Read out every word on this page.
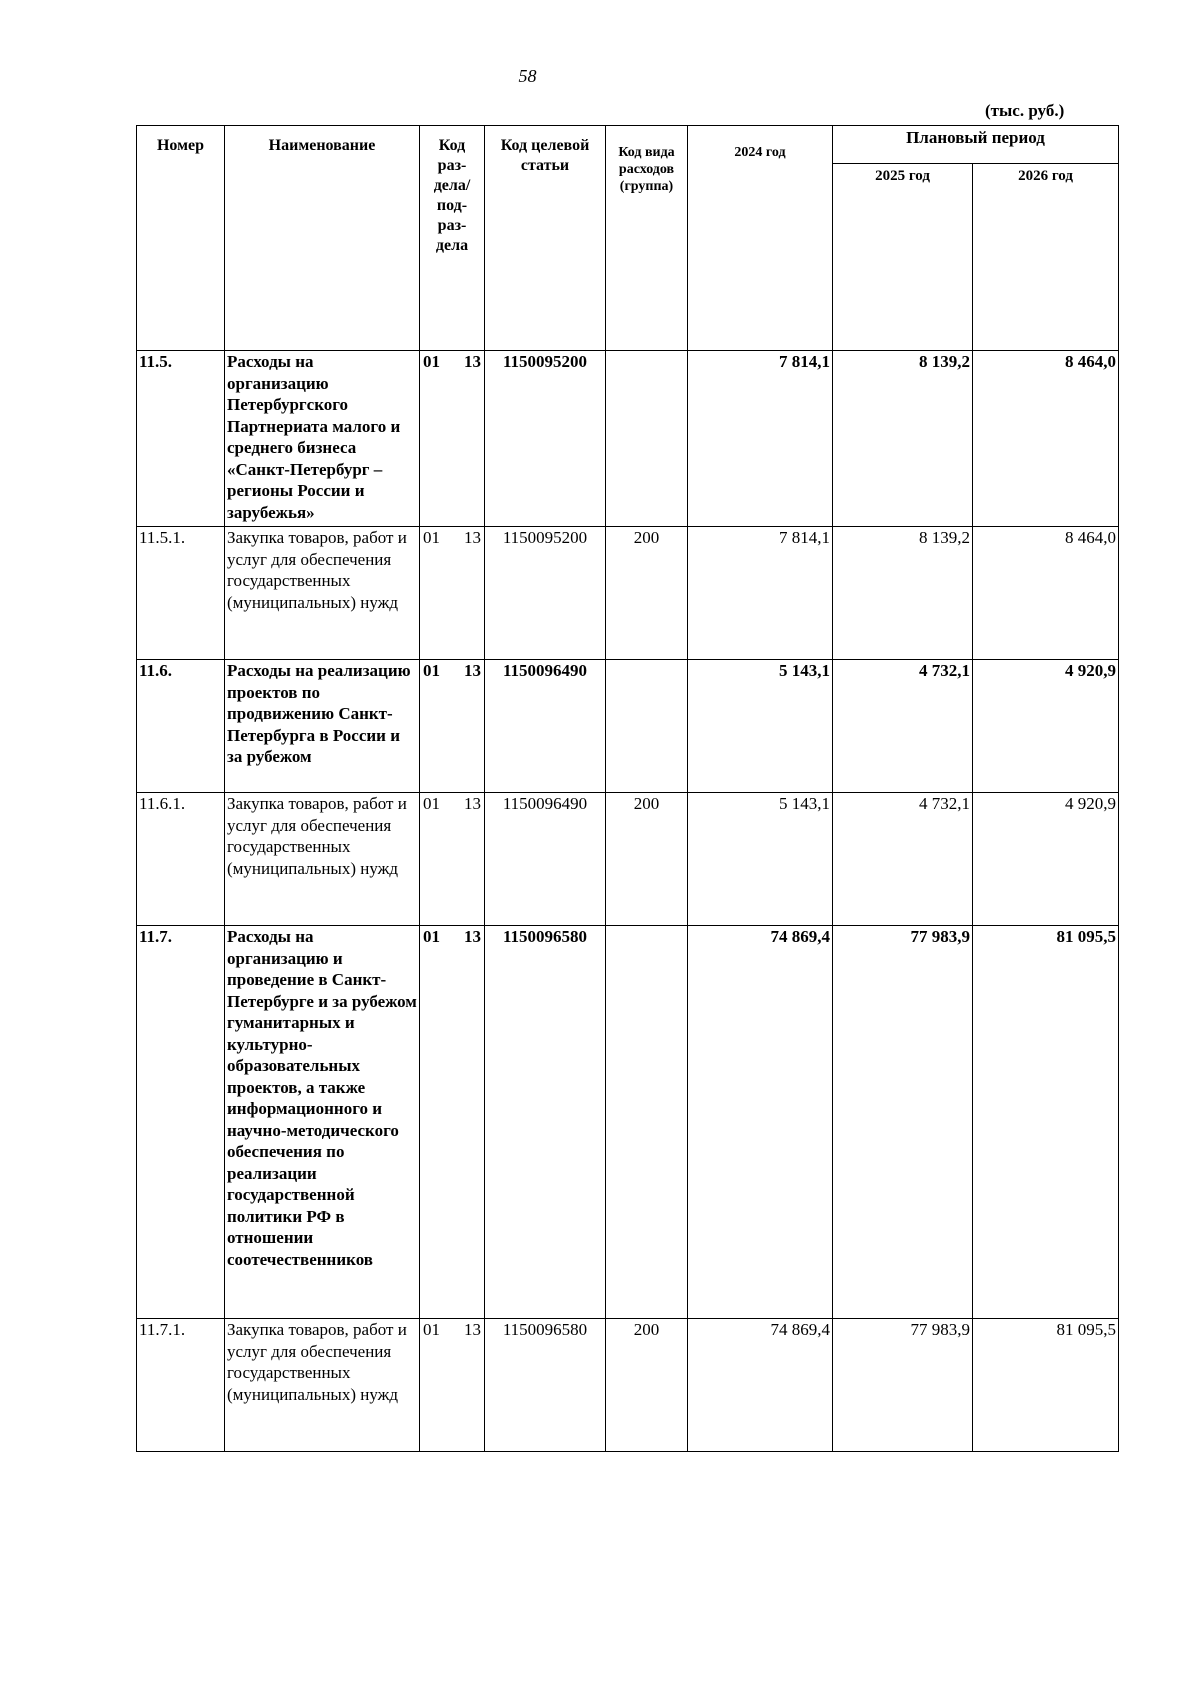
58
(тыс. руб.)
Номер	Наименование	Код раз-дела/ под-раз-дела	Код целевой статьи	Код вида расходов (группа)	2024 год	Плановый период	
						2025 год	2026 год
11.5.	Расходы на организацию Петербургского Партнериата малого и среднего бизнеса «Санкт-Петербург – регионы России и зарубежья»	01 13	1150095200		7 814,1	8 139,2	8 464,0
11.5.1.	Закупка товаров, работ и услуг для обеспечения государственных (муниципальных) нужд	01 13	1150095200	200	7 814,1	8 139,2	8 464,0
11.6.	Расходы на реализацию проектов по продвижению Санкт-Петербурга в России и за рубежом	01 13	1150096490		5 143,1	4 732,1	4 920,9
11.6.1.	Закупка товаров, работ и услуг для обеспечения государственных (муниципальных) нужд	01 13	1150096490	200	5 143,1	4 732,1	4 920,9
11.7.	Расходы на организацию и проведение в Санкт-Петербурге и за рубежом гуманитарных и культурно-образовательных проектов, а также информационного и научно-методического обеспечения по реализации государственной политики РФ в отношении соотечественников	01 13	1150096580		74 869,4	77 983,9	81 095,5
11.7.1.	Закупка товаров, работ и услуг для обеспечения государственных (муниципальных) нужд	01 13	1150096580	200	74 869,4	77 983,9	81 095,5
